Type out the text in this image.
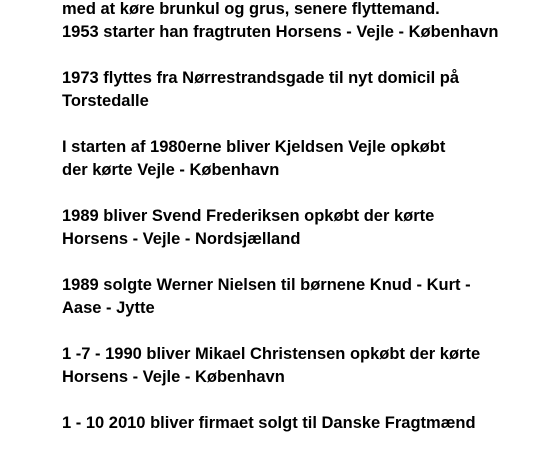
med at køre brunkul og grus, senere flyttemand.
1953 starter han fragtruten Horsens - Vejle - København

1973 flyttes fra Nørrestrandsgade til nyt domicil på
Torstedalle

I starten af 1980erne bliver Kjeldsen Vejle opkøbt
der kørte Vejle - København

1989 bliver Svend Frederiksen opkøbt der kørte
Horsens - Vejle - Nordsjælland

1989 solgte Werner Nielsen til børnene Knud - Kurt -
Aase - Jytte

1 -7 - 1990 bliver Mikael Christensen opkøbt der kørte
Horsens - Vejle - København

1 - 10 2010 bliver firmaet solgt til Danske Fragtmænd
